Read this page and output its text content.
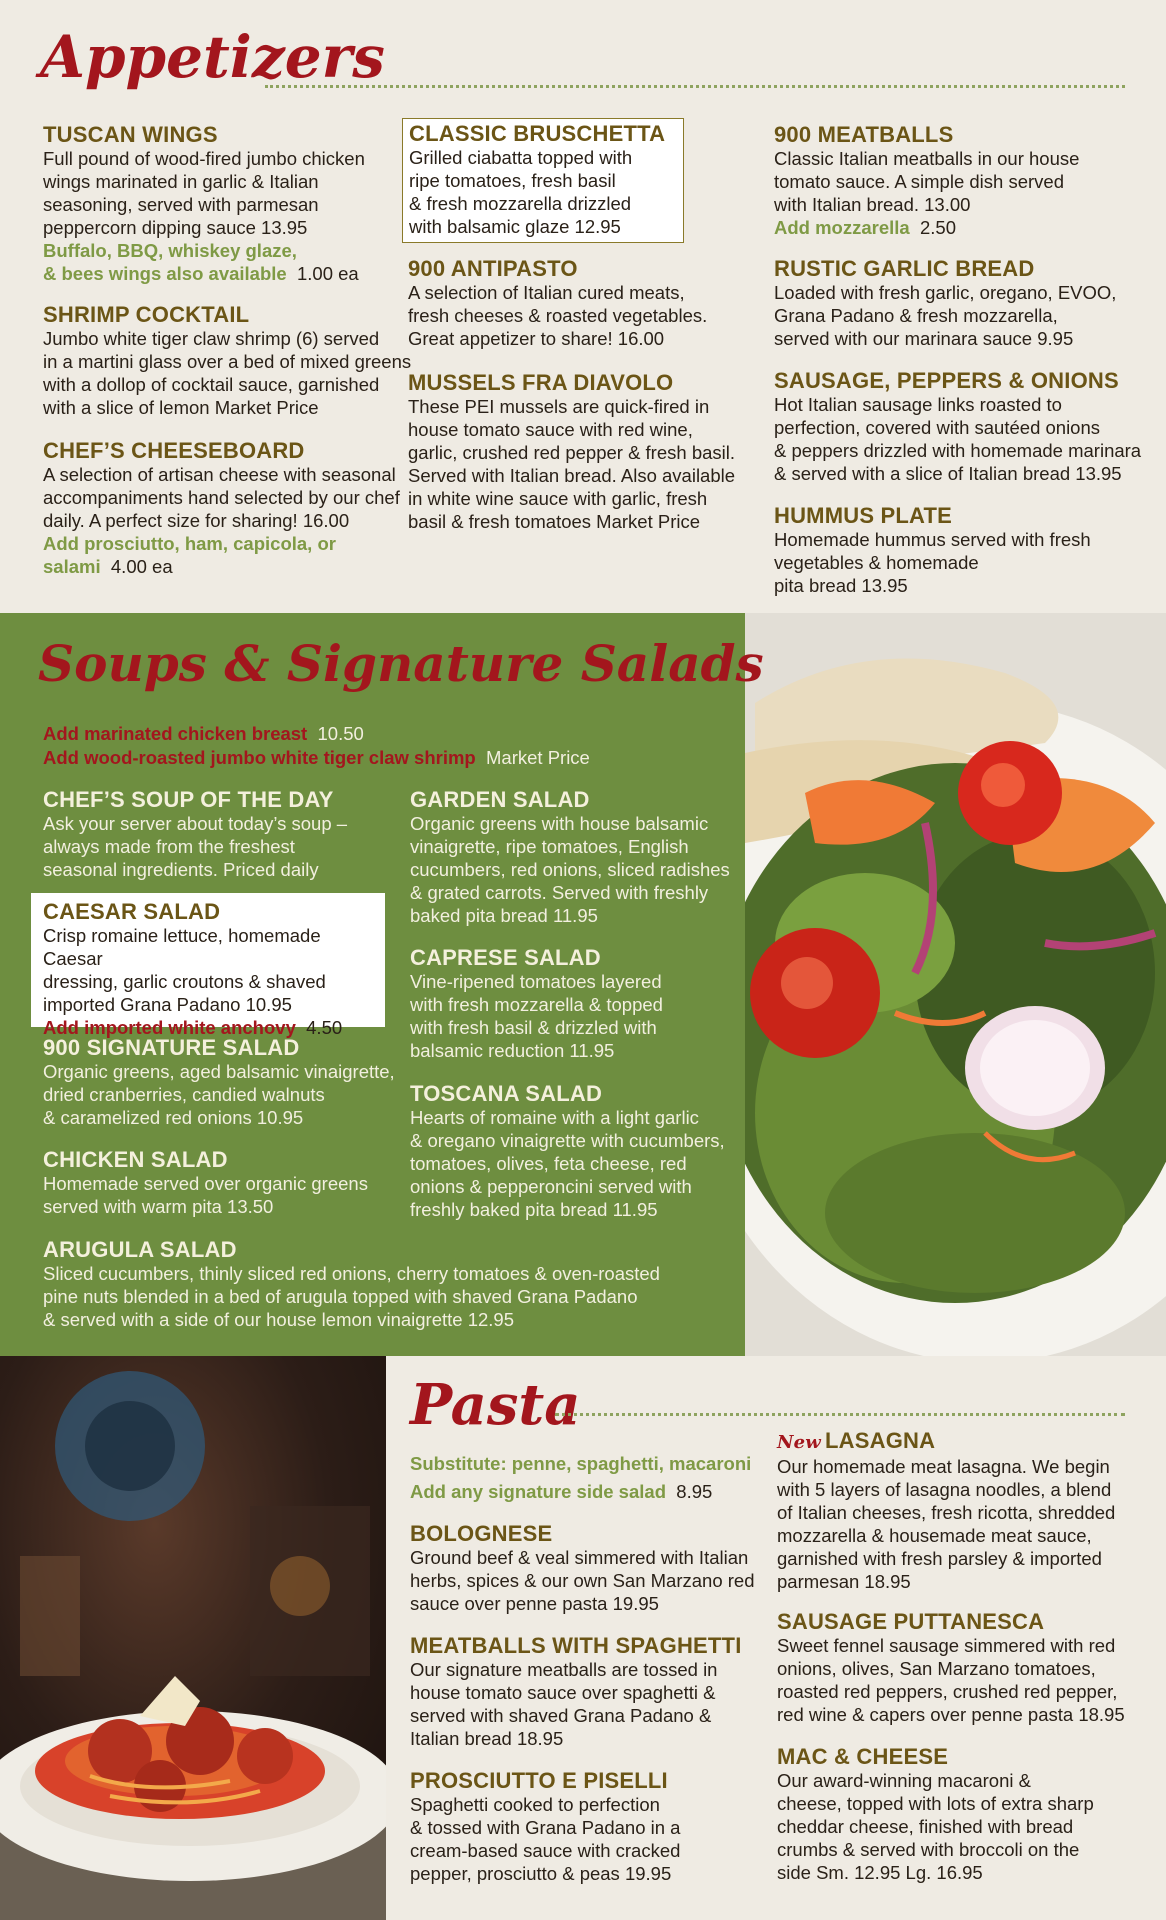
Appetizers
TUSCAN WINGS
Full pound of wood-fired jumbo chicken
wings marinated in garlic & Italian
seasoning, served with parmesan
peppercorn dipping sauce 13.95
Buffalo, BBQ, whiskey glaze,
& bees wings also available 1.00 ea
SHRIMP COCKTAIL
Jumbo white tiger claw shrimp (6) served
in a martini glass over a bed of mixed greens
with a dollop of cocktail sauce, garnished
with a slice of lemon Market Price
CHEF’S CHEESEBOARD
A selection of artisan cheese with seasonal
accompaniments hand selected by our chef
daily. A perfect size for sharing! 16.00
Add prosciutto, ham, capicola, or
salami 4.00 ea
CLASSIC BRUSCHETTA
Grilled ciabatta topped with
ripe tomatoes, fresh basil
& fresh mozzarella drizzled
with balsamic glaze 12.95
900 ANTIPASTO
A selection of Italian cured meats,
fresh cheeses & roasted vegetables.
Great appetizer to share! 16.00
MUSSELS FRA DIAVOLO
These PEI mussels are quick-fired in
house tomato sauce with red wine,
garlic, crushed red pepper & fresh basil.
Served with Italian bread. Also available
in white wine sauce with garlic, fresh
basil & fresh tomatoes Market Price
900 MEATBALLS
Classic Italian meatballs in our house
tomato sauce. A simple dish served
with Italian bread. 13.00
Add mozzarella 2.50
RUSTIC GARLIC BREAD
Loaded with fresh garlic, oregano, EVOO,
Grana Padano & fresh mozzarella,
served with our marinara sauce 9.95
SAUSAGE, PEPPERS & ONIONS
Hot Italian sausage links roasted to
perfection, covered with sautéed onions
& peppers drizzled with homemade marinara
& served with a slice of Italian bread 13.95
HUMMUS PLATE
Homemade hummus served with fresh
vegetables & homemade
pita bread 13.95
Soups & Signature Salads
Add marinated chicken breast 10.50
Add wood-roasted jumbo white tiger claw shrimp Market Price
CHEF’S SOUP OF THE DAY
Ask your server about today’s soup –
always made from the freshest
seasonal ingredients. Priced daily
CAESAR SALAD
Crisp romaine lettuce, homemade Caesar
dressing, garlic croutons & shaved
imported Grana Padano 10.95
Add imported white anchovy 4.50
900 SIGNATURE SALAD
Organic greens, aged balsamic vinaigrette,
dried cranberries, candied walnuts
& caramelized red onions 10.95
CHICKEN SALAD
Homemade served over organic greens
served with warm pita 13.50
GARDEN SALAD
Organic greens with house balsamic
vinaigrette, ripe tomatoes, English
cucumbers, red onions, sliced radishes
& grated carrots. Served with freshly
baked pita bread 11.95
CAPRESE SALAD
Vine-ripened tomatoes layered
with fresh mozzarella & topped
with fresh basil & drizzled with
balsamic reduction 11.95
TOSCANA SALAD
Hearts of romaine with a light garlic
& oregano vinaigrette with cucumbers,
tomatoes, olives, feta cheese, red
onions & pepperoncini served with
freshly baked pita bread 11.95
ARUGULA SALAD
Sliced cucumbers, thinly sliced red onions, cherry tomatoes & oven-roasted
pine nuts blended in a bed of arugula topped with shaved Grana Padano
& served with a side of our house lemon vinaigrette 12.95
Pasta
Substitute: penne, spaghetti, macaroni
Add any signature side salad 8.95
BOLOGNESE
Ground beef & veal simmered with Italian
herbs, spices & our own San Marzano red
sauce over penne pasta 19.95
MEATBALLS WITH SPAGHETTI
Our signature meatballs are tossed in
house tomato sauce over spaghetti &
served with shaved Grana Padano &
Italian bread 18.95
PROSCIUTTO E PISELLI
Spaghetti cooked to perfection
& tossed with Grana Padano in a
cream-based sauce with cracked
pepper, prosciutto & peas 19.95
New LASAGNA
Our homemade meat lasagna. We begin
with 5 layers of lasagna noodles, a blend
of Italian cheeses, fresh ricotta, shredded
mozzarella & housemade meat sauce,
garnished with fresh parsley & imported
parmesan 18.95
SAUSAGE PUTTANESCA
Sweet fennel sausage simmered with red
onions, olives, San Marzano tomatoes,
roasted red peppers, crushed red pepper,
red wine & capers over penne pasta 18.95
MAC & CHEESE
Our award-winning macaroni &
cheese, topped with lots of extra sharp
cheddar cheese, finished with bread
crumbs & served with broccoli on the
side Sm. 12.95 Lg. 16.95
